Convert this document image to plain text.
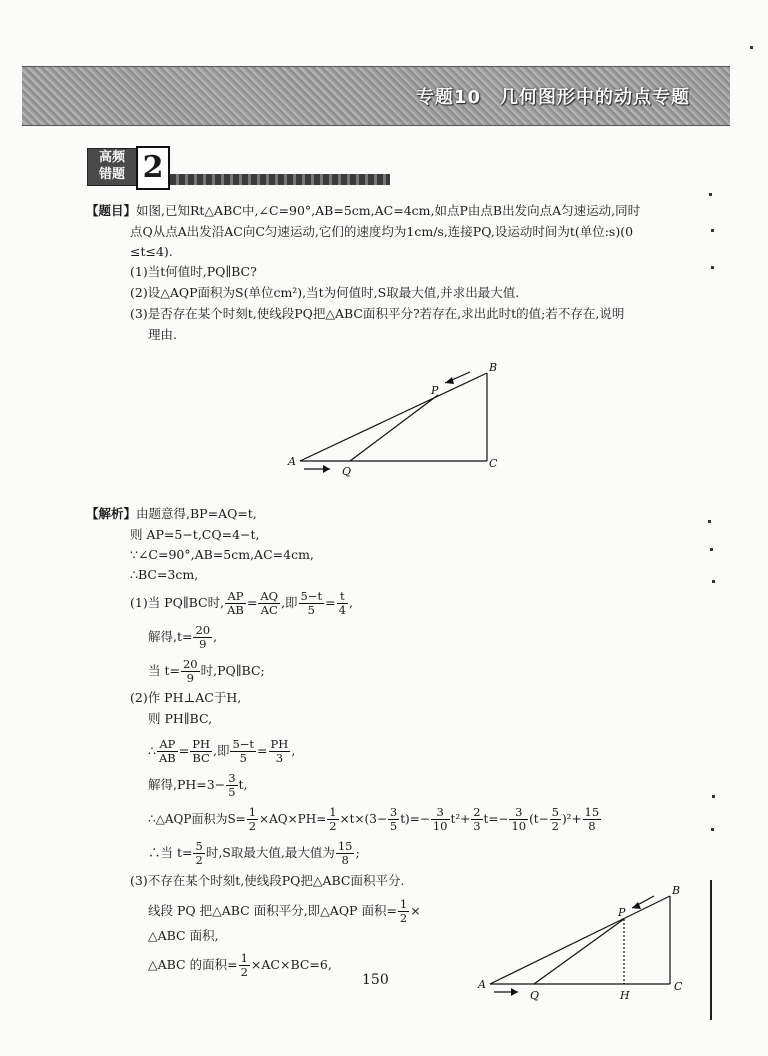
专题10　几何图形中的动点专题
高频
错题 2
【题目】如图,已知Rt△ABC中,∠C=90°,AB=5cm,AC=4cm,如点P由点B出发向点A匀速运动,同时
点Q从点A出发沿AC向C匀速运动,它们的速度均为1cm/s,连接PQ,设运动时间为t(单位:s)(0
≤t≤4).
(1)当t何值时,PQ∥BC?
(2)设△AQP面积为S(单位cm²),当t为何值时,S取最大值,并求出最大值.
(3)是否存在某个时刻t,使线段PQ把△ABC面积平分?若存在,求出此时t的值;若不存在,说明
理由.
A
B
C
P
Q
【解析】由题意得,BP=AQ=t,
则 AP=5−t,CQ=4−t,
∵∠C=90°,AB=5cm,AC=4cm,
∴BC=3cm,
(1)当 PQ∥BC时, $\frac{AP}{AB} = \frac{AQ}{AC}$ ,即 $\frac{5-t}{5} = \frac{t}{4}$ ,
解得$,t= \frac{20}{9}$ ,
当 $t= \frac{20}{9}$ 时,PQ∥BC;
(2)作 PH⊥AC于H,
则 PH∥BC,
∴ $\frac{AP}{AB} = \frac{PH}{BC}$ ,即 $\frac{5-t}{5} = \frac{PH}{3}$ ,
解得$,PH=3- \frac{3}{5} t$,
∴△AQP面积为$S= \frac{1}{2} \times AQ\times PH= \frac{1}{2} \times t\times(3- \frac{3}{5} t)=- \frac{3}{10} t^2+ \frac{2}{3} t=- \frac{3}{10} (t- \frac{5}{2} )^2+ \frac{15}{8}$
∴当 $t= \frac{5}{2}$ 时,S取最大值,最大值为 $\frac{15}{8}$ ;
(3)不存在某个时刻t,使线段PQ把△ABC面积平分.
线段 PQ 把△ABC 面积平分,即△AQP 面积= $\frac{1}{2}$ ×
△ABC 面积,
△ABC 的面积= $\frac{1}{2} \times AC\times BC=6$,
A
B
C
P
Q	H
150
